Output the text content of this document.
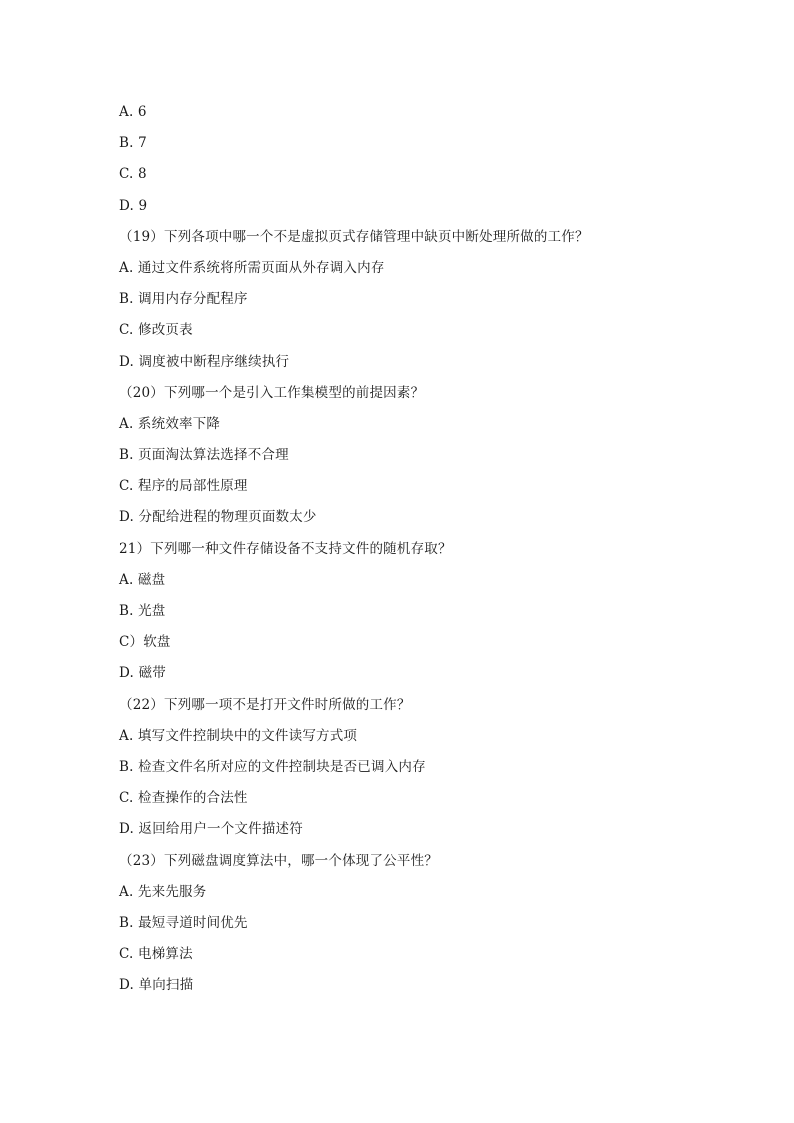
A. 6
B. 7
C. 8
D. 9
（19）下列各项中哪一个不是虚拟页式存储管理中缺页中断处理所做的工作？
A. 通过文件系统将所需页面从外存调入内存
B. 调用内存分配程序
C. 修改页表
D. 调度被中断程序继续执行
（20）下列哪一个是引入工作集模型的前提因素？
A. 系统效率下降
B. 页面淘汰算法选择不合理
C. 程序的局部性原理
D. 分配给进程的物理页面数太少
21）下列哪一种文件存储设备不支持文件的随机存取？
A. 磁盘
B. 光盘
C）软盘
D. 磁带
（22）下列哪一项不是打开文件时所做的工作？
A. 填写文件控制块中的文件读写方式项
B. 检查文件名所对应的文件控制块是否已调入内存
C. 检查操作的合法性
D. 返回给用户一个文件描述符
（23）下列磁盘调度算法中，哪一个体现了公平性？
A. 先来先服务
B. 最短寻道时间优先
C. 电梯算法
D. 单向扫描
